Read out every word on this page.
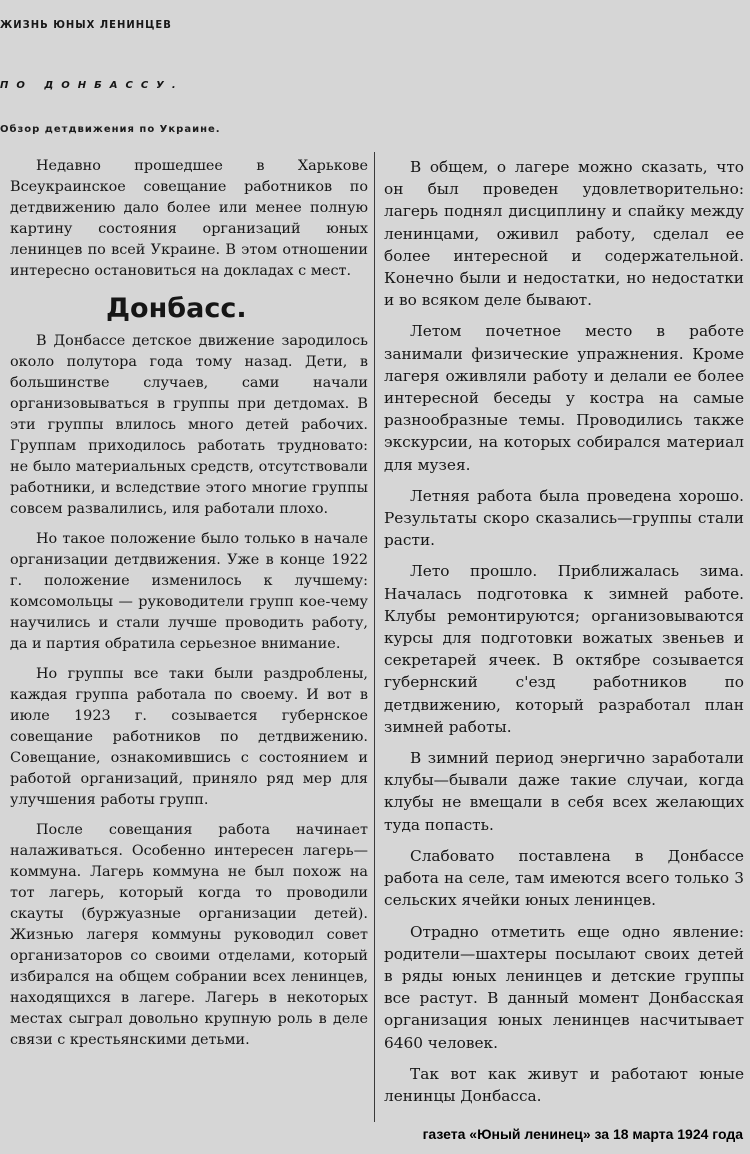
ЖИЗНЬ ЮНЫХ ЛЕНИНЦЕВ
ПО ДОНБАССУ.
Обзор детдвижения по Украине.

Недавно прошедшее в Харькове Всеукраинское совещание работников по детдвижению дало более или менее полную картину состояния организаций юных ленинцев по всей Украине. В этом отношении интересно остановиться на докладах с мест.

Донбасс.

В Донбассе детское движение зародилось около полутора года тому назад. Дети, в большинстве случаев, сами начали организовываться в группы при детдомах. В эти группы влилось много детей рабочих. Группам приходилось работать трудновато: не было материальных средств, отсутствовали работники, и вследствие этого многие группы совсем развалились, иля работали плохо.

Но такое положение было только в начале организации детдвижения. Уже в конце 1922 г. положение изменилось к лучшему: комсомольцы — руководители групп кое-чему научились и стали лучше проводить работу, да и партия обратила серьезное внимание.

Но группы все таки были раздроблены, каждая группа работала по своему. И вот в июле 1923 г. созывается губернское совещание работников по детдвижению. Совещание, ознакомившись с состоянием и работой организаций, приняло ряд мер для улучшения работы групп.

После совещания работа начинает налаживаться. Особенно интересен лагерь—коммуна. Лагерь коммуна не был похож на тот лагерь, который когда то проводили скауты (буржуазные организации детей). Жизнью лагеря коммуны руководил совет организаторов со своими отделами, который избирался на общем собрании всех ленинцев, находящихся в лагере. Лагерь в некоторых местах сыграл довольно крупную роль в деле связи с крестьянскими детьми.

В общем, о лагере можно сказать, что он был проведен удовлетворительно: лагерь поднял дисциплину и спайку между ленинцами, оживил работу, сделал ее более интересной и содержательной. Конечно были и недостатки, но недостатки и во всяком деле бывают.

Летом почетное место в работе занимали физические упражнения. Кроме лагеря оживляли работу и делали ее более интересной беседы у костра на самые разнообразные темы. Проводились также экскурсии, на которых собирался материал для музея.

Летняя работа была проведена хорошо. Результаты скоро сказались—группы стали расти.

Лето прошло. Приближалась зима. Началась подготовка к зимней работе. Клубы ремонтируются; организовываются курсы для подготовки вожатых звеньев и секретарей ячеек. В октябре созывается губернский с'езд работников по детдвижению, который разработал план зимней работы.

В зимний период энергично заработали клубы—бывали даже такие случаи, когда клубы не вмещали в себя всех желающих туда попасть.

Слабовато поставлена в Донбассе работа на селе, там имеются всего только 3 сельских ячейки юных ленинцев.

Отрадно отметить еще одно явление: родители—шахтеры посылают своих детей в ряды юных ленинцев и детские группы все растут. В данный момент Донбасская организация юных ленинцев насчитывает 6460 человек.

Так вот как живут и работают юные ленинцы Донбасса.

газета «Юный ленинец» за 18 марта 1924 года
